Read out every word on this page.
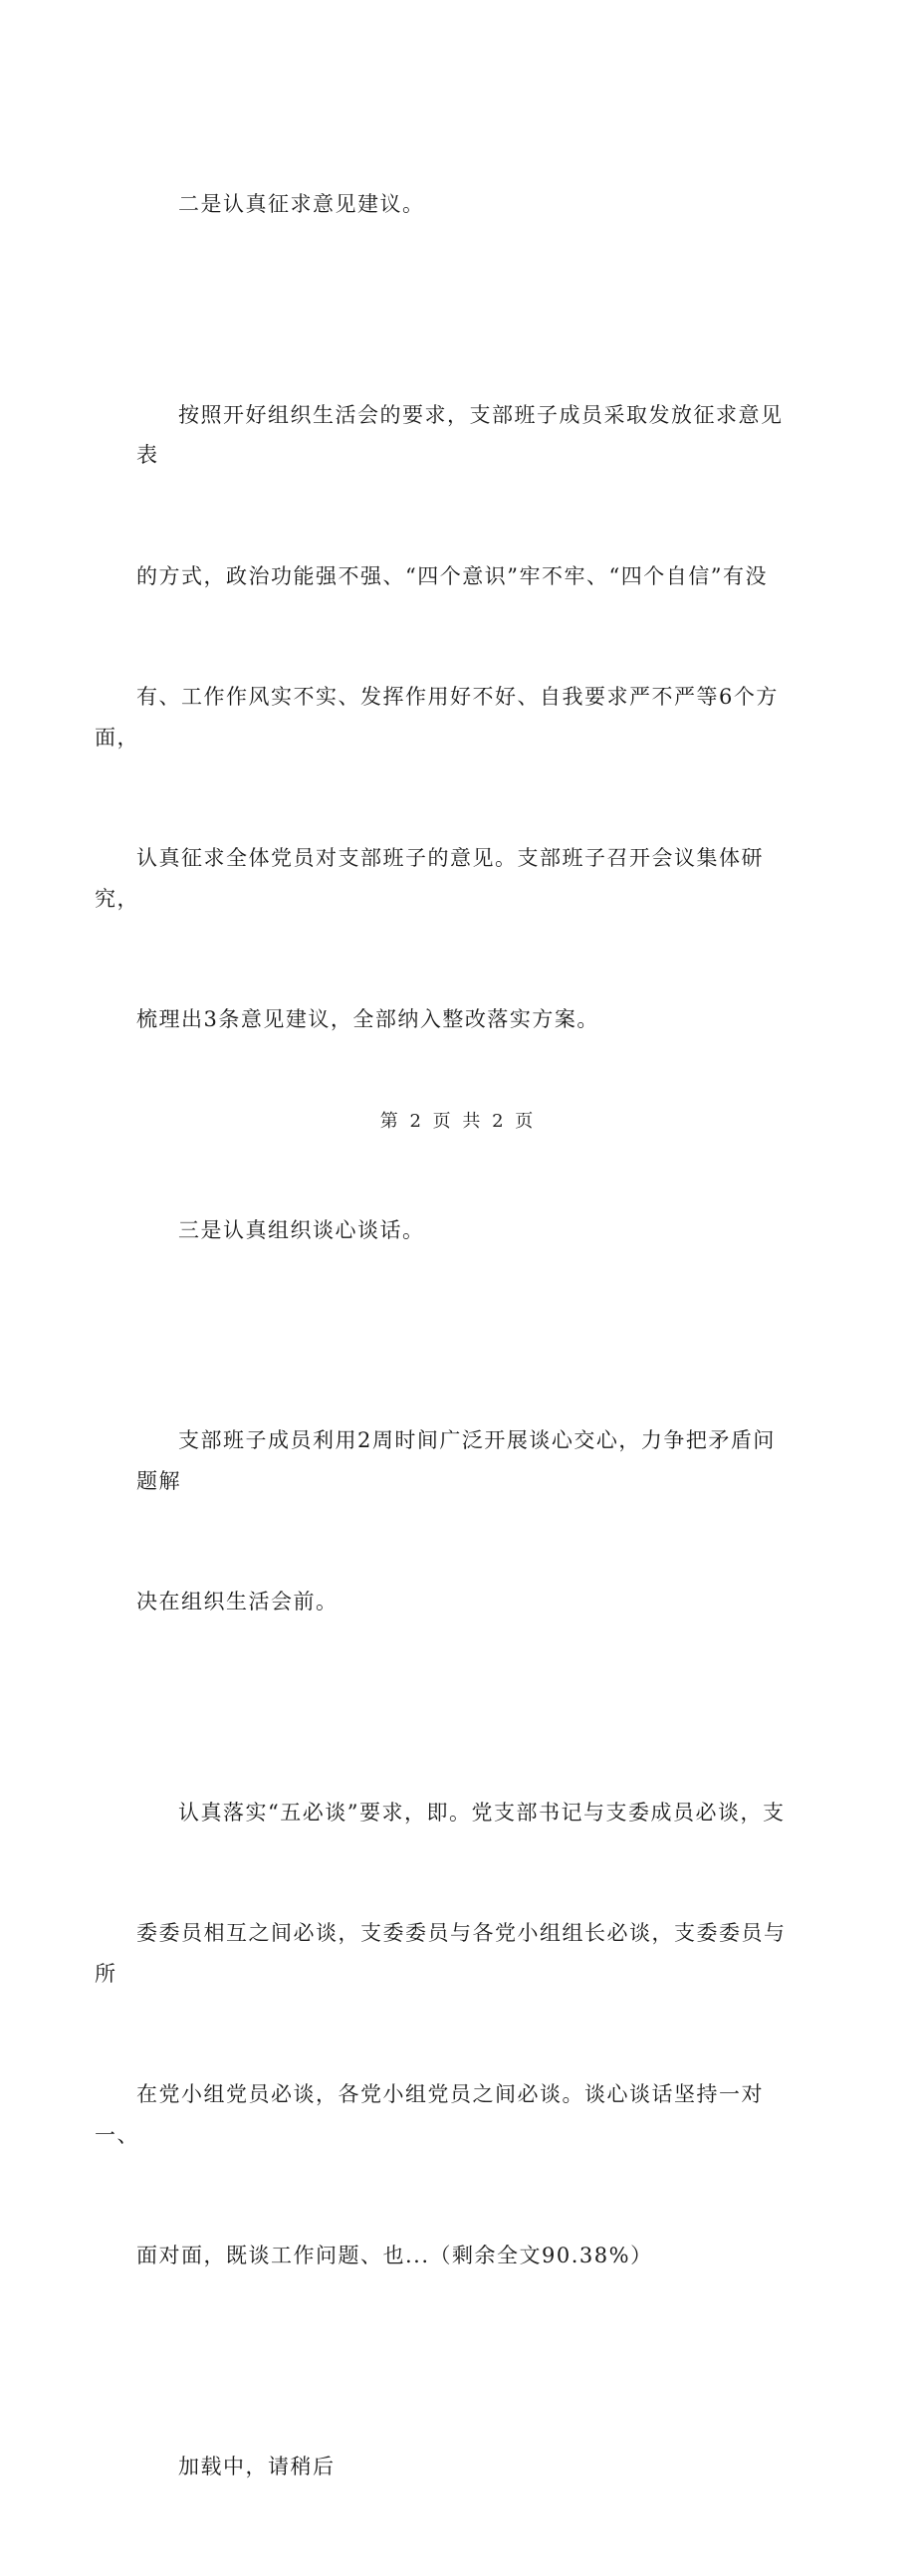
二是认真征求意见建议。

按照开好组织生活会的要求，支部班子成员采取发放征求意见表

的方式，政治功能强不强、“四个意识”牢不牢、“四个自信”有没

有、工作作风实不实、发挥作用好不好、自我要求严不严等6个方面，

认真征求全体党员对支部班子的意见。支部班子召开会议集体研究，

梳理出3条意见建议，全部纳入整改落实方案。

三是认真组织谈心谈话。

支部班子成员利用2周时间广泛开展谈心交心，力争把矛盾问题解

决在组织生活会前。

认真落实“五必谈”要求，即。党支部书记与支委成员必谈，支

委委员相互之间必谈，支委委员与各党小组组长必谈，支委委员与所

在党小组党员必谈，各党小组党员之间必谈。谈心谈话坚持一对一、

面对面，既谈工作问题、也...（剩余全文90.38%）

加载中，请稍后

第 2 页 共 2 页
